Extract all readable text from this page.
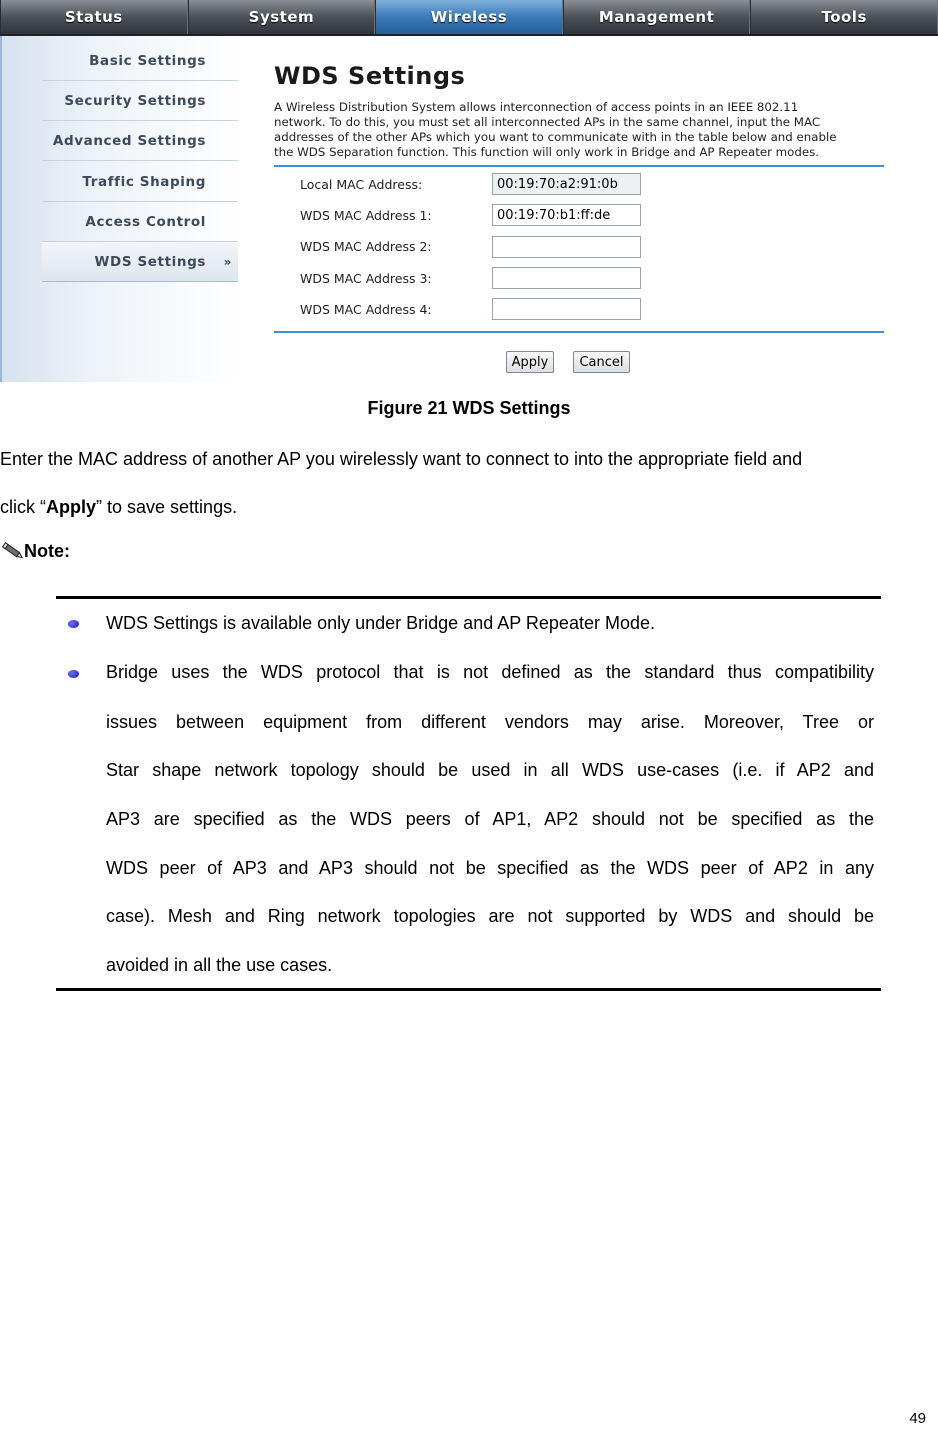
Status	System	Wireless	Management	Tools
Basic Settings
Security Settings
Advanced Settings
Traffic Shaping
Access Control
WDS Settings »
WDS Settings
A Wireless Distribution System allows interconnection of access points in an IEEE 802.11
network. To do this, you must set all interconnected APs in the same channel, input the MAC
addresses of the other APs which you want to communicate with in the table below and enable
the WDS Separation function. This function will only work in Bridge and AP Repeater modes.
Local MAC Address:
00:19:70:a2:91:0b
WDS MAC Address 1:
00:19:70:b1:ff:de
WDS MAC Address 2:
WDS MAC Address 3:
WDS MAC Address 4:
Apply	Cancel
Figure 21 WDS Settings
Enter the MAC address of another AP you wirelessly want to connect to into the appropriate field and
click “Apply” to save settings.
Note:
WDS Settings is available only under Bridge and AP Repeater Mode.
Bridge uses the WDS protocol that is not defined as the standard thus compatibility
issues between equipment from different vendors may arise. Moreover, Tree or
Star shape network topology should be used in all WDS use-cases (i.e. if AP2 and
AP3 are specified as the WDS peers of AP1, AP2 should not be specified as the
WDS peer of AP3 and AP3 should not be specified as the WDS peer of AP2 in any
case). Mesh and Ring network topologies are not supported by WDS and should be
avoided in all the use cases.
49
